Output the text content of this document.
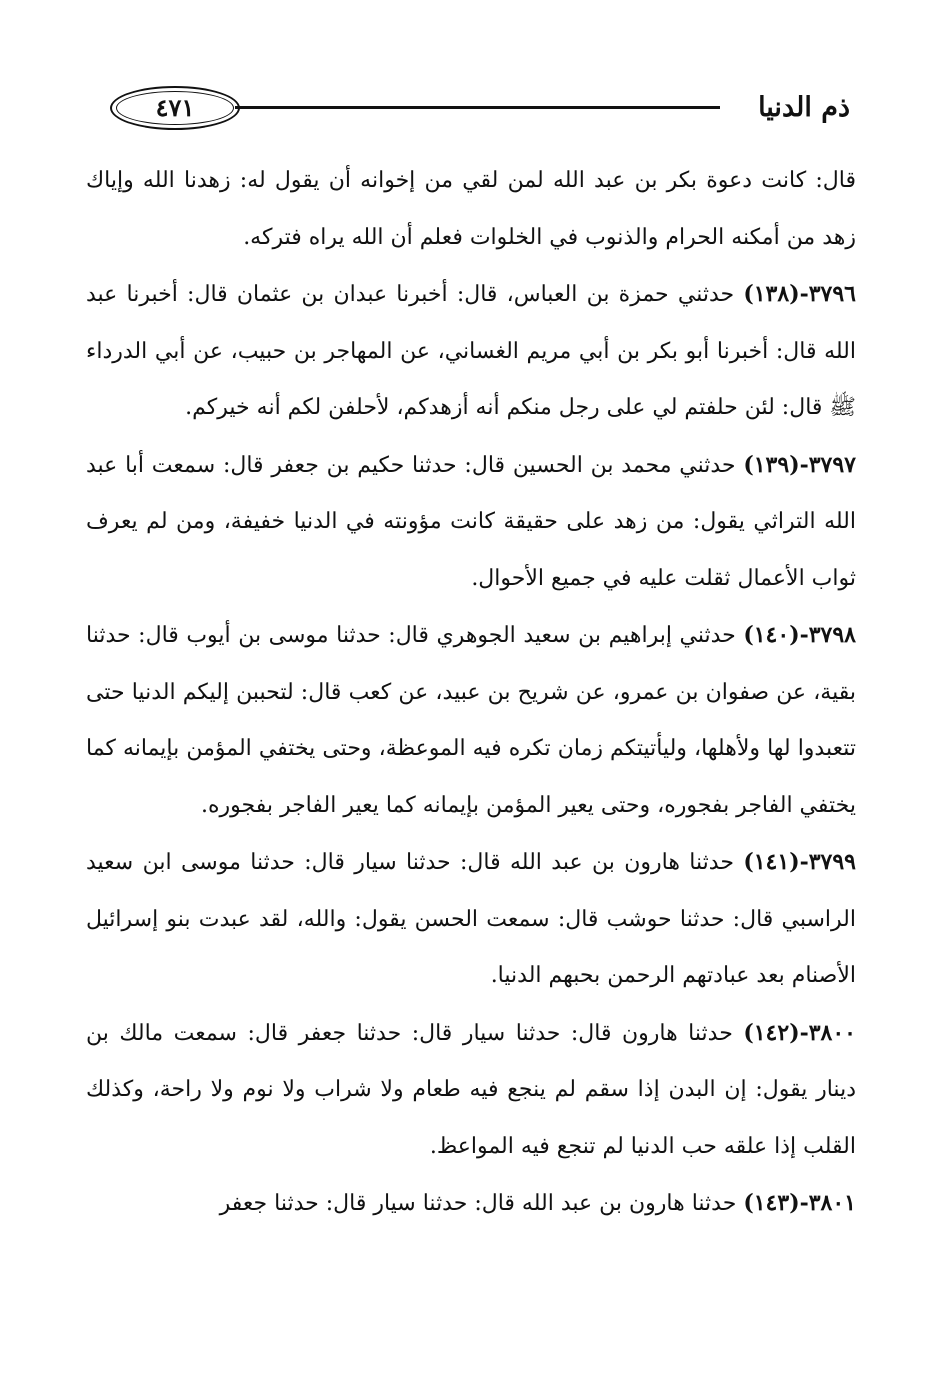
ذم الدنيا
٤٧١

قال: كانت دعوة بكر بن عبد الله لمن لقي من إخوانه أن يقول له: زهدنا الله وإياك زهد من أمكنه الحرام والذنوب في الخلوات فعلم أن الله يراه فتركه.

٣٧٩٦-(١٣٨) حدثني حمزة بن العباس، قال: أخبرنا عبدان بن عثمان قال: أخبرنا عبد الله قال: أخبرنا أبو بكر بن أبي مريم الغساني، عن المهاجر بن حبيب، عن أبي الدرداء ﷺ قال: لئن حلفتم لي على رجل منكم أنه أزهدكم، لأحلفن لكم أنه خيركم.

٣٧٩٧-(١٣٩) حدثني محمد بن الحسين قال: حدثنا حكيم بن جعفر قال: سمعت أبا عبد الله التراثي يقول: من زهد على حقيقة كانت مؤونته في الدنيا خفيفة، ومن لم يعرف ثواب الأعمال ثقلت عليه في جميع الأحوال.

٣٧٩٨-(١٤٠) حدثني إبراهيم بن سعيد الجوهري قال: حدثنا موسى بن أيوب قال: حدثنا بقية، عن صفوان بن عمرو، عن شريح بن عبيد، عن كعب قال: لتحببن إليكم الدنيا حتى تتعبدوا لها ولأهلها، وليأتيتكم زمان تكره فيه الموعظة، وحتى يختفي المؤمن بإيمانه كما يختفي الفاجر بفجوره، وحتى يعير المؤمن بإيمانه كما يعير الفاجر بفجوره.

٣٧٩٩-(١٤١) حدثنا هارون بن عبد الله قال: حدثنا سيار قال: حدثنا موسى ابن سعيد الراسبي قال: حدثنا حوشب قال: سمعت الحسن يقول: والله، لقد عبدت بنو إسرائيل الأصنام بعد عبادتهم الرحمن بحبهم الدنيا.

٣٨٠٠-(١٤٢) حدثنا هارون قال: حدثنا سيار قال: حدثنا جعفر قال: سمعت مالك بن دينار يقول: إن البدن إذا سقم لم ينجع فيه طعام ولا شراب ولا نوم ولا راحة، وكذلك القلب إذا علقه حب الدنيا لم تنجع فيه المواعظ.

٣٨٠١-(١٤٣) حدثنا هارون بن عبد الله قال: حدثنا سيار قال: حدثنا جعفر
